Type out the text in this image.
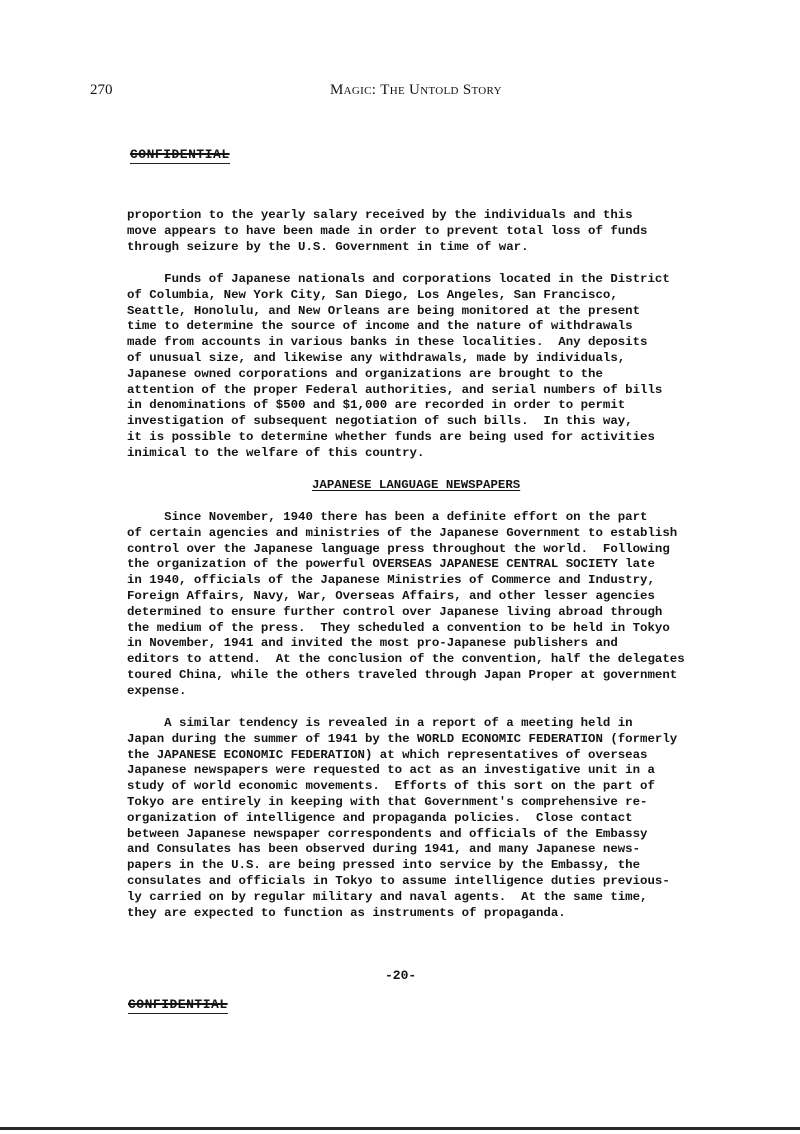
270	Magic: The Untold Story
CONFIDENTIAL
proportion to the yearly salary received by the individuals and this
move appears to have been made in order to prevent total loss of funds
through seizure by the U.S. Government in time of war.
Funds of Japanese nationals and corporations located in the District
of Columbia, New York City, San Diego, Los Angeles, San Francisco,
Seattle, Honolulu, and New Orleans are being monitored at the present
time to determine the source of income and the nature of withdrawals
made from accounts in various banks in these localities.  Any deposits
of unusual size, and likewise any withdrawals, made by individuals,
Japanese owned corporations and organizations are brought to the
attention of the proper Federal authorities, and serial numbers of bills
in denominations of $500 and $1,000 are recorded in order to permit
investigation of subsequent negotiation of such bills.  In this way,
it is possible to determine whether funds are being used for activities
inimical to the welfare of this country.
JAPANESE LANGUAGE NEWSPAPERS
Since November, 1940 there has been a definite effort on the part
of certain agencies and ministries of the Japanese Government to establish
control over the Japanese language press throughout the world.  Following
the organization of the powerful OVERSEAS JAPANESE CENTRAL SOCIETY late
in 1940, officials of the Japanese Ministries of Commerce and Industry,
Foreign Affairs, Navy, War, Overseas Affairs, and other lesser agencies
determined to ensure further control over Japanese living abroad through
the medium of the press.  They scheduled a convention to be held in Tokyo
in November, 1941 and invited the most pro-Japanese publishers and
editors to attend.  At the conclusion of the convention, half the delegates
toured China, while the others traveled through Japan Proper at government
expense.
A similar tendency is revealed in a report of a meeting held in
Japan during the summer of 1941 by the WORLD ECONOMIC FEDERATION (formerly
the JAPANESE ECONOMIC FEDERATION) at which representatives of overseas
Japanese newspapers were requested to act as an investigative unit in a
study of world economic movements.  Efforts of this sort on the part of
Tokyo are entirely in keeping with that Government's comprehensive re-
organization of intelligence and propaganda policies.  Close contact
between Japanese newspaper correspondents and officials of the Embassy
and Consulates has been observed during 1941, and many Japanese news-
papers in the U.S. are being pressed into service by the Embassy, the
consulates and officials in Tokyo to assume intelligence duties previous-
ly carried on by regular military and naval agents.  At the same time,
they are expected to function as instruments of propaganda.
-20-
CONFIDENTIAL
